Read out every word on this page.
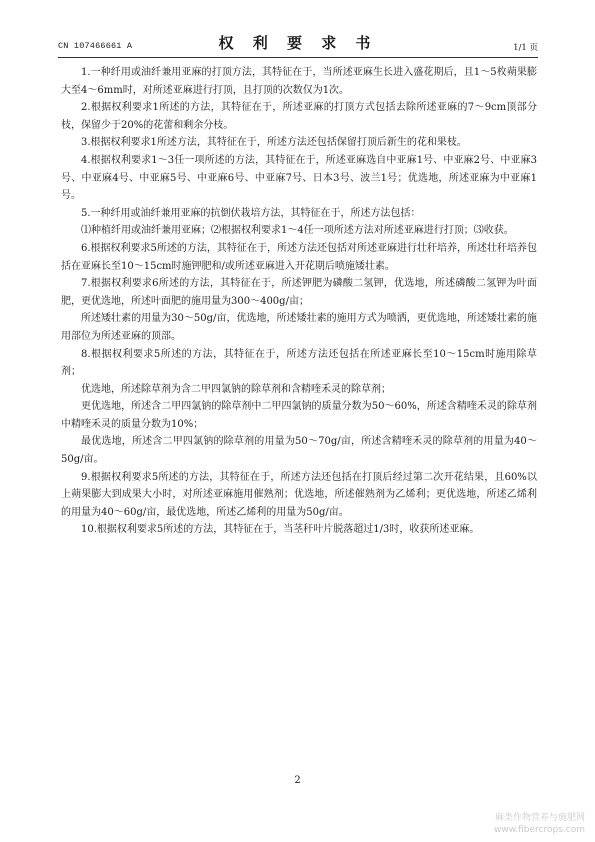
CN 107466661 A	权 利 要 求 书	1/1 页

1.一种纤用或油纤兼用亚麻的打顶方法，其特征在于，当所述亚麻生长进入盛花期后，且1～5枚蒴果膨大至4～6mm时，对所述亚麻进行打顶，且打顶的次数仅为1次。

2.根据权利要求1所述的方法，其特征在于，所述亚麻的打顶方式包括去除所述亚麻的7～9cm顶部分枝，保留少于20%的花蕾和剩余分枝。

3.根据权利要求1所述方法，其特征在于，所述方法还包括保留打顶后新生的花和果枝。

4.根据权利要求1～3任一项所述的方法，其特征在于，所述亚麻选自中亚麻1号、中亚麻2号、中亚麻3号、中亚麻4号、中亚麻5号、中亚麻6号、中亚麻7号、日本3号、波兰1号；优选地，所述亚麻为中亚麻1号。

5.一种纤用或油纤兼用亚麻的抗倒伏栽培方法，其特征在于，所述方法包括：

⑴种植纤用或油纤兼用亚麻；⑵根据权利要求1～4任一项所述方法对所述亚麻进行打顶；⑶收获。

6.根据权利要求5所述的方法，其特征在于，所述方法还包括对所述亚麻进行壮秆培养，所述壮秆培养包括在亚麻长至10～15cm时施钾肥和/或所述亚麻进入开花期后喷施矮壮素。

7.根据权利要求6所述的方法，其特征在于，所述钾肥为磷酸二氢钾，优选地，所述磷酸二氢钾为叶面肥，更优选地，所述叶面肥的施用量为300～400g/亩；

所述矮壮素的用量为30～50g/亩，优选地，所述矮壮素的施用方式为喷洒，更优选地，所述矮壮素的施用部位为所述亚麻的顶部。

8.根据权利要求5所述的方法，其特征在于，所述方法还包括在所述亚麻长至10～15cm时施用除草剂；

优选地，所述除草剂为含二甲四氯钠的除草剂和含精喹禾灵的除草剂；

更优选地，所述含二甲四氯钠的除草剂中二甲四氯钠的质量分数为50～60%，所述含精喹禾灵的除草剂中精喹禾灵的质量分数为10%；

最优选地，所述含二甲四氯钠的除草剂的用量为50～70g/亩，所述含精喹禾灵的除草剂的用量为40～50g/亩。

9.根据权利要求5所述的方法，其特征在于，所述方法还包括在打顶后经过第二次开花结果，且60%以上蒴果膨大到成果大小时，对所述亚麻施用催熟剂；优选地，所述催熟剂为乙烯利；更优选地，所述乙烯利的用量为40～60g/亩，最优选地，所述乙烯利的用量为50g/亩。

10.根据权利要求5所述的方法，其特征在于，当茎秆叶片脱落超过1/3时，收获所述亚麻。

2
麻类作物营养与施肥网 www.fibercrops.com
